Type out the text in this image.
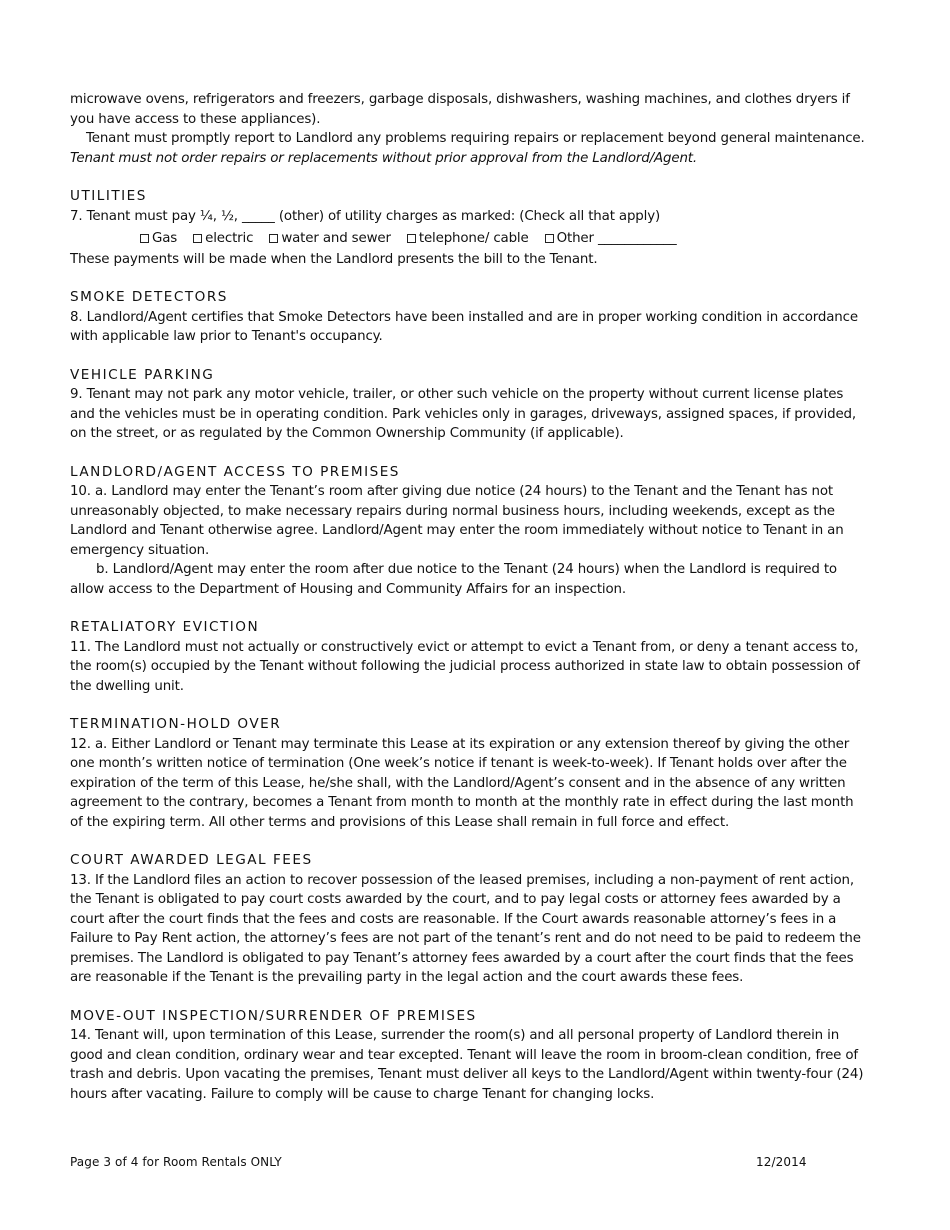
microwave ovens, refrigerators and freezers, garbage disposals, dishwashers, washing machines, and clothes dryers if you have access to these appliances).

Tenant must promptly report to Landlord any problems requiring repairs or replacement beyond general maintenance. Tenant must not order repairs or replacements without prior approval from the Landlord/Agent.

UTILITIES

7. Tenant must pay ¼, ½, _____ (other) of utility charges as marked: (Check all that apply)

Gas electric water and sewer telephone/ cable Other ____________

These payments will be made when the Landlord presents the bill to the Tenant.

SMOKE DETECTORS

8. Landlord/Agent certifies that Smoke Detectors have been installed and are in proper working condition in accordance with applicable law prior to Tenant's occupancy.

VEHICLE PARKING

9. Tenant may not park any motor vehicle, trailer, or other such vehicle on the property without current license plates and the vehicles must be in operating condition. Park vehicles only in garages, driveways, assigned spaces, if provided, on the street, or as regulated by the Common Ownership Community (if applicable).

LANDLORD/AGENT ACCESS TO PREMISES

10. a. Landlord may enter the Tenant’s room after giving due notice (24 hours) to the Tenant and the Tenant has not unreasonably objected, to make necessary repairs during normal business hours, including weekends, except as the Landlord and Tenant otherwise agree. Landlord/Agent may enter the room immediately without notice to Tenant in an emergency situation.

b. Landlord/Agent may enter the room after due notice to the Tenant (24 hours) when the Landlord is required to allow access to the Department of Housing and Community Affairs for an inspection.

RETALIATORY EVICTION

11. The Landlord must not actually or constructively evict or attempt to evict a Tenant from, or deny a tenant access to, the room(s) occupied by the Tenant without following the judicial process authorized in state law to obtain possession of the dwelling unit.

TERMINATION-HOLD OVER

12. a. Either Landlord or Tenant may terminate this Lease at its expiration or any extension thereof by giving the other one month’s written notice of termination (One week’s notice if tenant is week-to-week). If Tenant holds over after the expiration of the term of this Lease, he/she shall, with the Landlord/Agent’s consent and in the absence of any written agreement to the contrary, becomes a Tenant from month to month at the monthly rate in effect during the last month of the expiring term. All other terms and provisions of this Lease shall remain in full force and effect.

COURT AWARDED LEGAL FEES

13. If the Landlord files an action to recover possession of the leased premises, including a non-payment of rent action, the Tenant is obligated to pay court costs awarded by the court, and to pay legal costs or attorney fees awarded by a court after the court finds that the fees and costs are reasonable. If the Court awards reasonable attorney’s fees in a Failure to Pay Rent action, the attorney’s fees are not part of the tenant’s rent and do not need to be paid to redeem the premises. The Landlord is obligated to pay Tenant’s attorney fees awarded by a court after the court finds that the fees are reasonable if the Tenant is the prevailing party in the legal action and the court awards these fees.

MOVE-OUT INSPECTION/SURRENDER OF PREMISES

14. Tenant will, upon termination of this Lease, surrender the room(s) and all personal property of Landlord therein in good and clean condition, ordinary wear and tear excepted. Tenant will leave the room in broom-clean condition, free of trash and debris. Upon vacating the premises, Tenant must deliver all keys to the Landlord/Agent within twenty-four (24) hours after vacating. Failure to comply will be cause to charge Tenant for changing locks.

Page 3 of 4 for Room Rentals ONLY	12/2014
